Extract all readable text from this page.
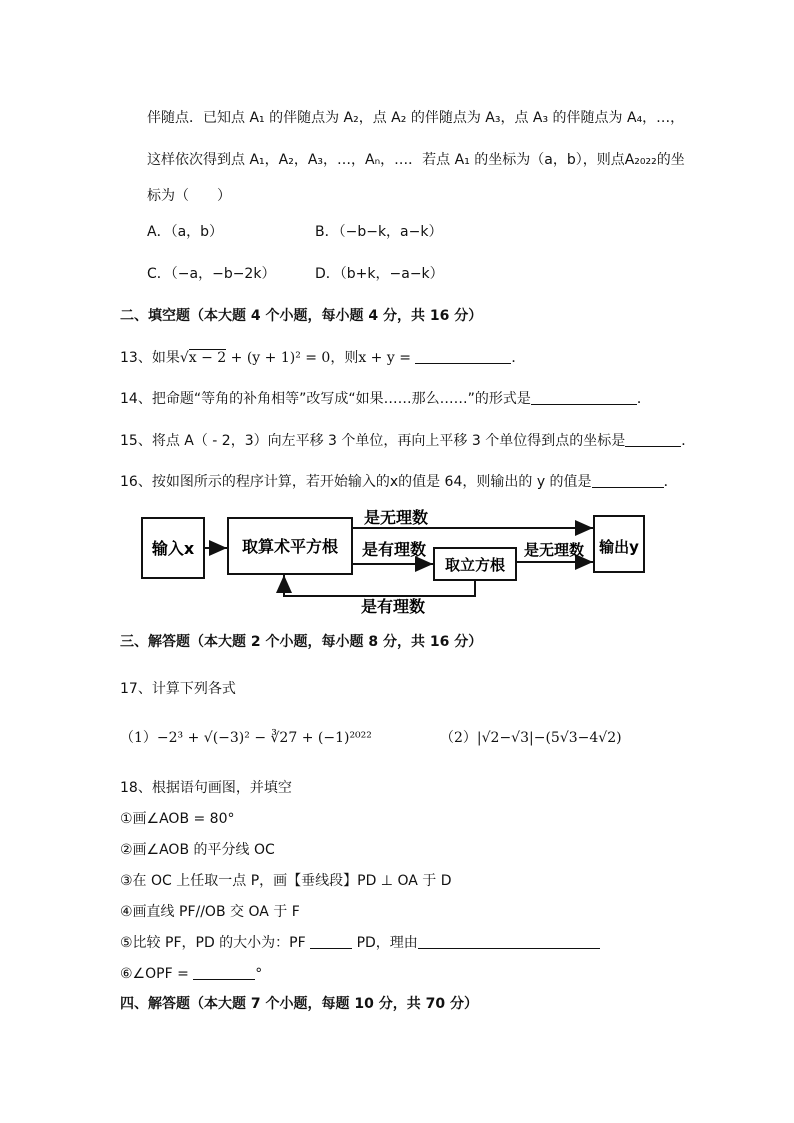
伴随点．已知点 A₁ 的伴随点为 A₂，点 A₂ 的伴随点为 A₃，点 A₃ 的伴随点为 A₄，…，
这样依次得到点 A₁，A₂，A₃，…，Aₙ，…．若点 A₁ 的坐标为（a，b），则点A₂₀₂₂的坐
标为（　　）
A．（a，b）	B．（−b−k，a−k）
C．（−a，−b−2k）	D．（b+k，−a−k）
二、填空题（本大题 4 个小题，每小题 4 分，共 16 分）
13、如果√x − 2 + (y + 1)² = 0，则x + y =	．
14、把命题“等角的补角相等”改写成“如果……那么……”的形式是	．
15、将点 A（ - 2，3）向左平移 3 个单位，再向上平移 3 个单位得到点的坐标是	．
16、按如图所示的程序计算，若开始输入的x的值是 64，则输出的 y 的值是	．
输入x	取算术平方根
取立方根
输出y
是无理数
是有理数	是无理数
是有理数
三、解答题（本大题 2 个小题，每小题 8 分，共 16 分）
17、计算下列各式
（1）−2³ + √(−3)² − ∛27 + (−1)²⁰²²	（2）|√2−√3|−(5√3−4√2)
18、根据语句画图，并填空
①画∠AOB = 80°
②画∠AOB 的平分线 OC
③在 OC 上任取一点 P，画【垂线段】PD ⊥ OA 于 D
④画直线 PF//OB 交 OA 于 F
⑤比较 PF，PD 的大小为：PF	PD，理由
⑥∠OPF =	°
四、解答题（本大题 7 个小题，每题 10 分，共 70 分）
